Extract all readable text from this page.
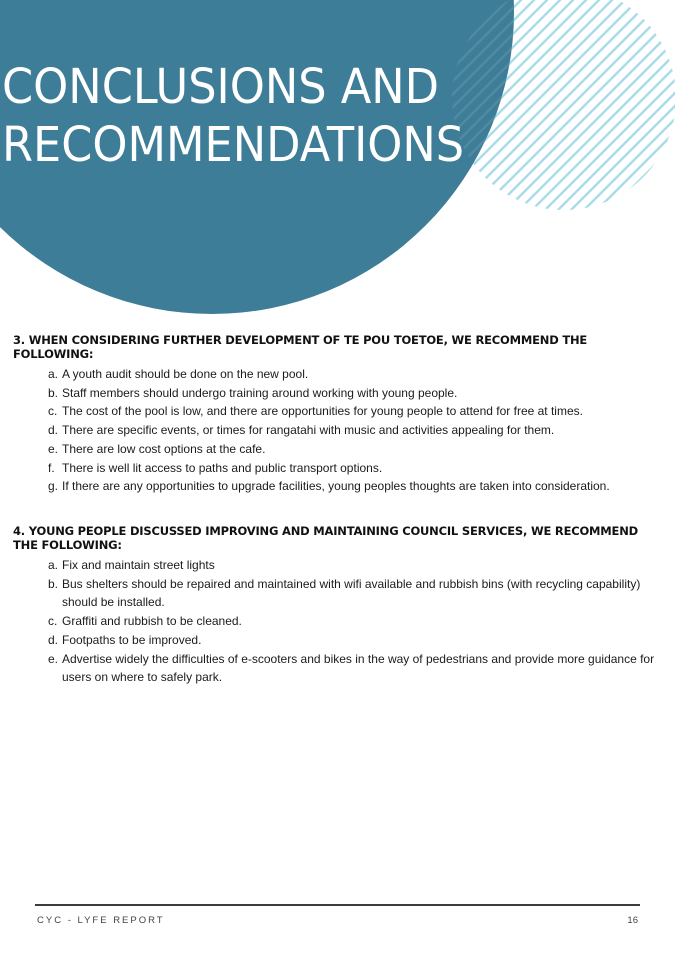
CONCLUSIONS AND
RECOMMENDATIONS
3. WHEN CONSIDERING FURTHER DEVELOPMENT OF TE POU TOETOE, WE RECOMMEND THE FOLLOWING:
a. A youth audit should be done on the new pool.
b. Staff members should undergo training around working with young people.
c. The cost of the pool is low, and there are opportunities for young people to attend for free at times.
d. There are specific events, or times for rangatahi with music and activities appealing for them.
e. There are low cost options at the cafe.
f. There is well lit access to paths and public transport options.
g. If there are any opportunities to upgrade facilities, young peoples thoughts are taken into consideration.
4. YOUNG PEOPLE DISCUSSED IMPROVING AND MAINTAINING COUNCIL SERVICES, WE RECOMMEND THE FOLLOWING:
a. Fix and maintain street lights
b. Bus shelters should be repaired and maintained with wifi available and rubbish bins (with recycling capability) should be installed.
c. Graffiti and rubbish to be cleaned.
d. Footpaths to be improved.
e. Advertise widely the difficulties of e-scooters and bikes in the way of pedestrians and provide more guidance for users on where to safely park.
CYC - LYFE REPORT	16
